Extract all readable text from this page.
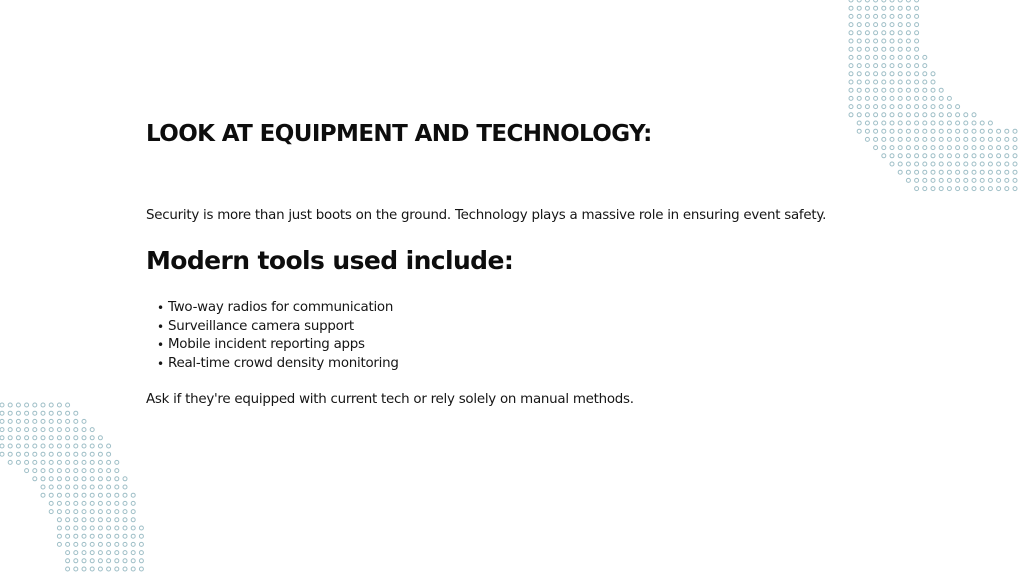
LOOK AT EQUIPMENT AND TECHNOLOGY:

Security is more than just boots on the ground. Technology plays a massive role in ensuring event safety.

Modern tools used include:
• Two-way radios for communication
• Surveillance camera support
• Mobile incident reporting apps
• Real-time crowd density monitoring

Ask if they're equipped with current tech or rely solely on manual methods.
